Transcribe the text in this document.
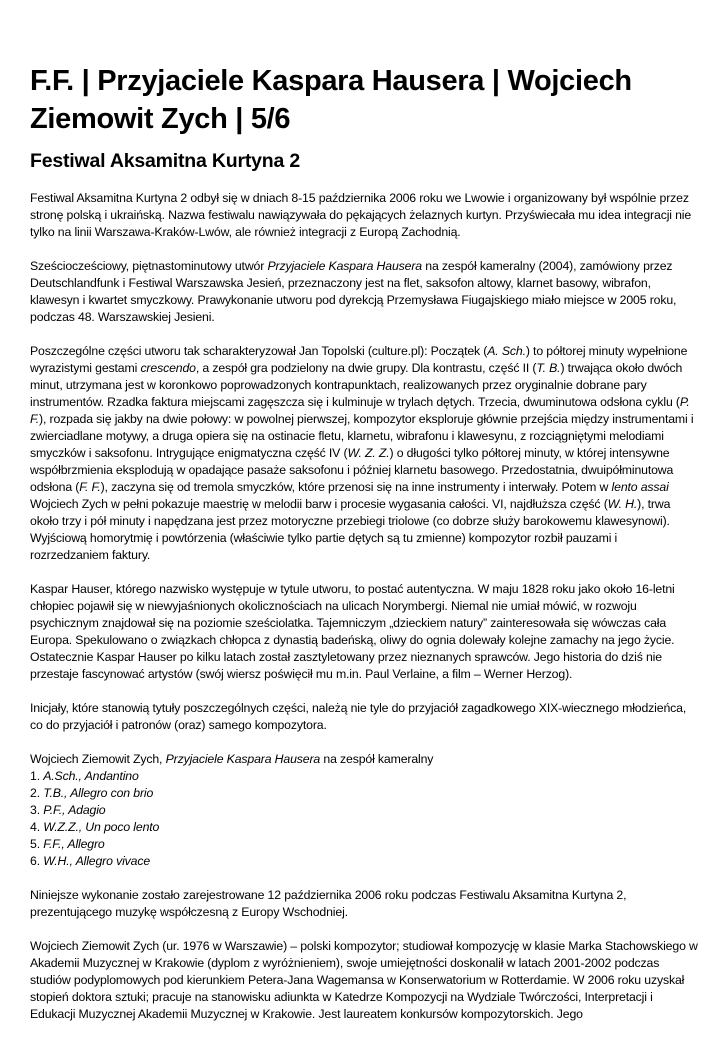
F.F. | Przyjaciele Kaspara Hausera | Wojciech Ziemowit Zych | 5/6
Festiwal Aksamitna Kurtyna 2

Festiwal Aksamitna Kurtyna 2 odbył się w dniach 8-15 października 2006 roku we Lwowie i organizowany był wspólnie przez stronę polską i ukraińską. Nazwa festiwalu nawiązywała do pękających żelaznych kurtyn. Przyświecała mu idea integracji nie tylko na linii Warszawa-Kraków-Lwów, ale również integracji z Europą Zachodnią.

Sześciocześciowy, piętnastominutowy utwór Przyjaciele Kaspara Hausera na zespół kameralny (2004), zamówiony przez Deutschlandfunk i Festiwal Warszawska Jesień, przeznaczony jest na flet, saksofon altowy, klarnet basowy, wibrafon, klawesyn i kwartet smyczkowy. Prawykonanie utworu pod dyrekcją Przemysława Fiugajskiego miało miejsce w 2005 roku, podczas 48. Warszawskiej Jesieni.

Poszczególne części utworu tak scharakteryzował Jan Topolski (culture.pl): Początek (A. Sch.) to półtorej minuty wypełnione wyrazistymi gestami crescendo, a zespół gra podzielony na dwie grupy. Dla kontrastu, część II (T. B.) trwająca około dwóch minut, utrzymana jest w koronkowo poprowadzonych kontrapunktach, realizowanych przez oryginalnie dobrane pary instrumentów. Rzadka faktura miejscami zagęszcza się i kulminuje w trylach dętych. Trzecia, dwuminutowa odsłona cyklu (P. F.), rozpada się jakby na dwie połowy: w powolnej pierwszej, kompozytor eksploruje głównie przejścia między instrumentami i zwierciadlane motywy, a druga opiera się na ostinacie fletu, klarnetu, wibrafonu i klawesynu, z rozciągniętymi melodiami smyczków i saksofonu. Intrygujące enigmatyczna część IV (W. Z. Z.) o długości tylko półtorej minuty, w której intensywne współbrzmienia eksplodują w opadające pasaże saksofonu i później klarnetu basowego. Przedostatnia, dwuipółminutowa odsłona (F. F.), zaczyna się od tremola smyczków, które przenosi się na inne instrumenty i interwały. Potem w lento assai Wojciech Zych w pełni pokazuje maestrię w melodii barw i procesie wygasania całości. VI, najdłuższa część (W. H.), trwa około trzy i pół minuty i napędzana jest przez motoryczne przebiegi triolowe (co dobrze służy barokowemu klawesynowi). Wyjściową homorytmię i powtórzenia (właściwie tylko partie dętych są tu zmienne) kompozytor rozbił pauzami i rozrzedzaniem faktury.

Kaspar Hauser, którego nazwisko występuje w tytule utworu, to postać autentyczna. W maju 1828 roku jako około 16-letni chłopiec pojawił się w niewyjaśnionych okolicznościach na ulicach Norymbergi. Niemal nie umiał mówić, w rozwoju psychicznym znajdował się na poziomie sześciolatka. Tajemniczym „dzieckiem natury” zainteresowała się wówczas cała Europa. Spekulowano o związkach chłopca z dynastią badeńską, oliwy do ognia dolewały kolejne zamachy na jego życie. Ostatecznie Kaspar Hauser po kilku latach został zasztyletowany przez nieznanych sprawców. Jego historia do dziś nie przestaje fascynować artystów (swój wiersz poświęcił mu m.in. Paul Verlaine, a film – Werner Herzog).

Inicjały, które stanowią tytuły poszczególnych części, należą nie tyle do przyjaciół zagadkowego XIX-wiecznego młodzieńca, co do przyjaciół i patronów (oraz) samego kompozytora.

Wojciech Ziemowit Zych, Przyjaciele Kaspara Hausera na zespół kameralny
1. A.Sch., Andantino
2. T.B., Allegro con brio
3. P.F., Adagio
4. W.Z.Z., Un poco lento
5. F.F., Allegro
6. W.H., Allegro vivace

Niniejsze wykonanie zostało zarejestrowane 12 października 2006 roku podczas Festiwalu Aksamitna Kurtyna 2, prezentującego muzykę współczesną z Europy Wschodniej.

Wojciech Ziemowit Zych (ur. 1976 w Warszawie) – polski kompozytor; studiował kompozycję w klasie Marka Stachowskiego w Akademii Muzycznej w Krakowie (dyplom z wyróżnieniem), swoje umiejętności doskonalił w latach 2001-2002 podczas studiów podyplomowych pod kierunkiem Petera-Jana Wagemansa w Konserwatorium w Rotterdamie. W 2006 roku uzyskał stopień doktora sztuki; pracuje na stanowisku adiunkta w Katedrze Kompozycji na Wydziale Twórczości, Interpretacji i Edukacji Muzycznej Akademii Muzycznej w Krakowie. Jest laureatem konkursów kompozytorskich. Jego
